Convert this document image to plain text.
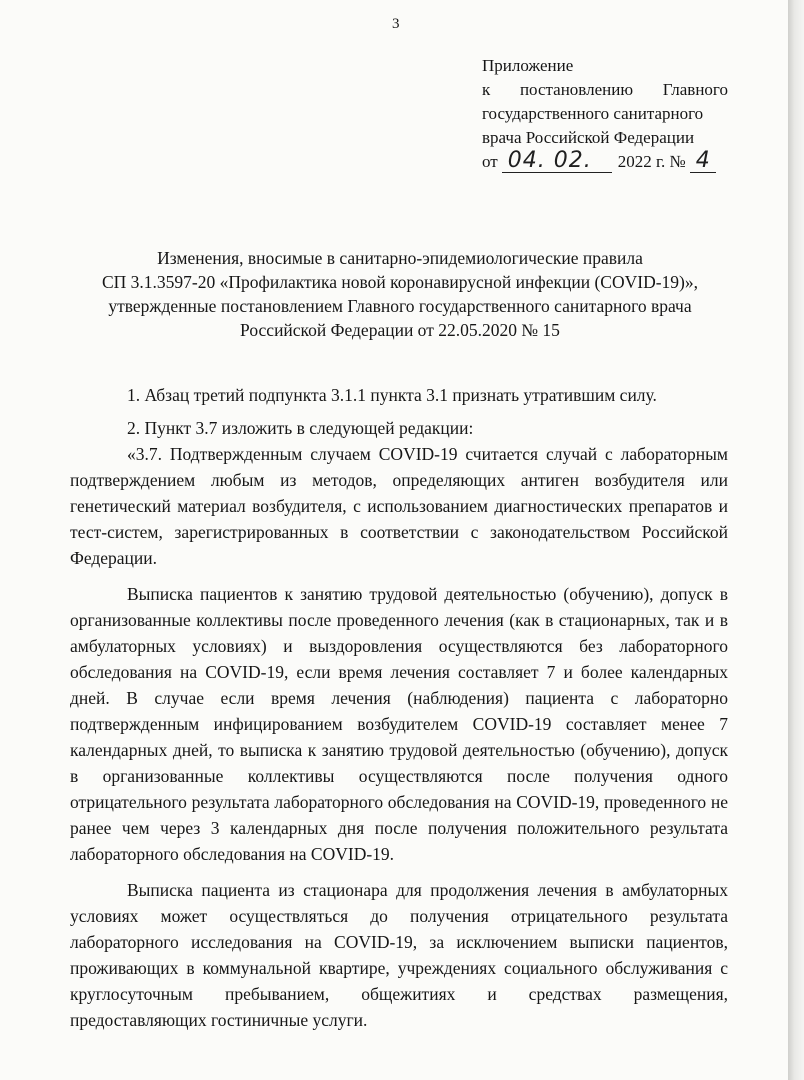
3
Приложение
к постановлению Главного
государственного санитарного
врача Российской Федерации
от 04. 02.	2022 г. № 4
Изменения, вносимые в санитарно-эпидемиологические правила
СП 3.1.3597-20 «Профилактика новой коронавирусной инфекции (COVID-19)»,
утвержденные постановлением Главного государственного санитарного врача
Российской Федерации от 22.05.2020 № 15

1. Абзац третий подпункта 3.1.1 пункта 3.1 признать утратившим силу.

2. Пункт 3.7 изложить в следующей редакции:

«3.7. Подтвержденным случаем COVID-19 считается случай с лабораторным подтверждением любым из методов, определяющих антиген возбудителя или генетический материал возбудителя, с использованием диагностических препаратов и тест-систем, зарегистрированных в соответствии с законодательством Российской Федерации.

Выписка пациентов к занятию трудовой деятельностью (обучению), допуск в организованные коллективы после проведенного лечения (как в стационарных, так и в амбулаторных условиях) и выздоровления осуществляются без лабораторного обследования на COVID-19, если время лечения составляет 7 и более календарных дней. В случае если время лечения (наблюдения) пациента с лабораторно подтвержденным инфицированием возбудителем COVID-19 составляет менее 7 календарных дней, то выписка к занятию трудовой деятельностью (обучению), допуск в организованные коллективы осуществляются после получения одного отрицательного результата лабораторного обследования на COVID-19, проведенного не ранее чем через 3 календарных дня после получения положительного результата лабораторного обследования на COVID-19.

Выписка пациента из стационара для продолжения лечения в амбулаторных условиях может осуществляться до получения отрицательного результата лабораторного исследования на COVID-19, за исключением выписки пациентов, проживающих в коммунальной квартире, учреждениях социального обслуживания с круглосуточным пребыванием, общежитиях и средствах размещения, предоставляющих гостиничные услуги.
